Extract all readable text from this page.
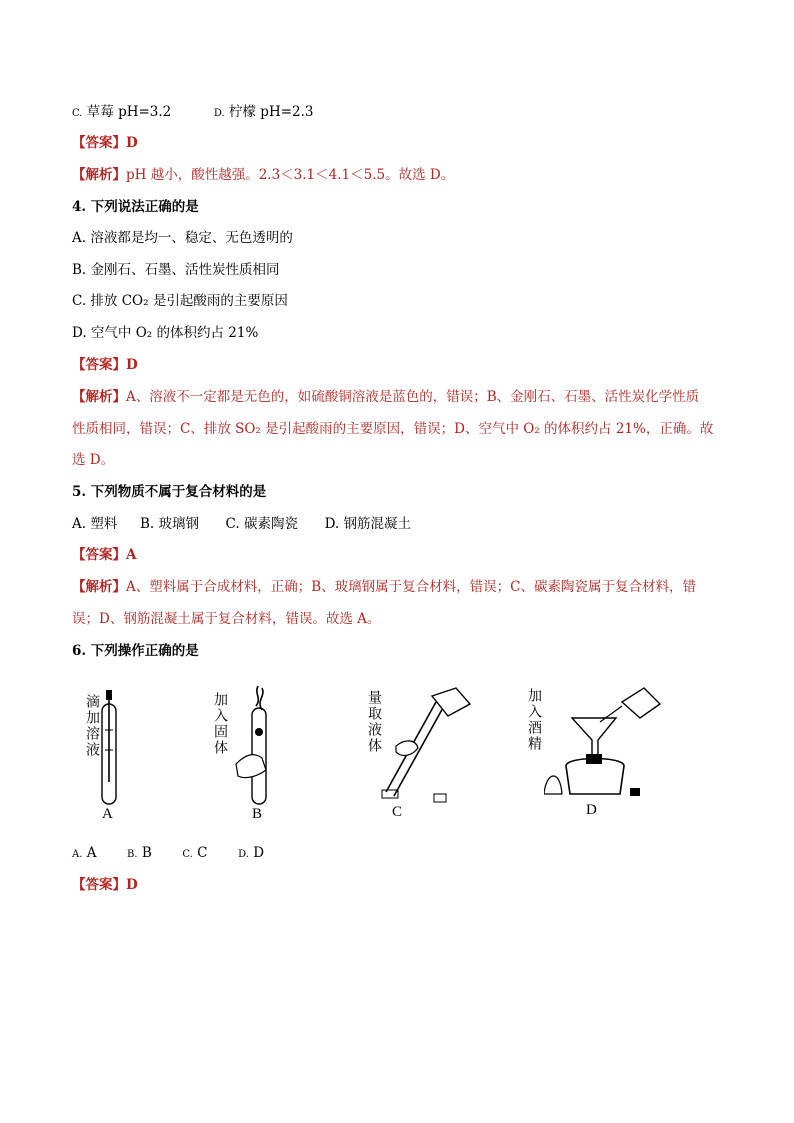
C. 草莓 pH=3.2	D. 柠檬 pH=2.3
【答案】D
【解析】pH 越小，酸性越强。2.3＜3.1＜4.1＜5.5。故选 D。
4. 下列说法正确的是
A. 溶液都是均一、稳定、无色透明的
B. 金刚石、石墨、活性炭性质相同
C. 排放 CO₂ 是引起酸雨的主要原因
D. 空气中 O₂ 的体积约占 21%
【答案】D
【解析】A、溶液不一定都是无色的，如硫酸铜溶液是蓝色的，错误；B、金刚石、石墨、活性炭化学性质
性质相同，错误；C、排放 SO₂ 是引起酸雨的主要原因，错误；D、空气中 O₂ 的体积约占 21%，正确。故
选 D。
5. 下列物质不属于复合材料的是
A. 塑料 B. 玻璃钢 C. 碳素陶瓷 D. 钢筋混凝土
【答案】A
【解析】A、塑料属于合成材料，正确；B、玻璃钢属于复合材料，错误；C、碳素陶瓷属于复合材料，错
误；D、钢筋混凝土属于复合材料，错误。故选 A。
6. 下列操作正确的是
滴加溶液
A
加入固体
B
量取液体
C
加入酒精
D
A. A	B. B	C. C	D. D
【答案】D
